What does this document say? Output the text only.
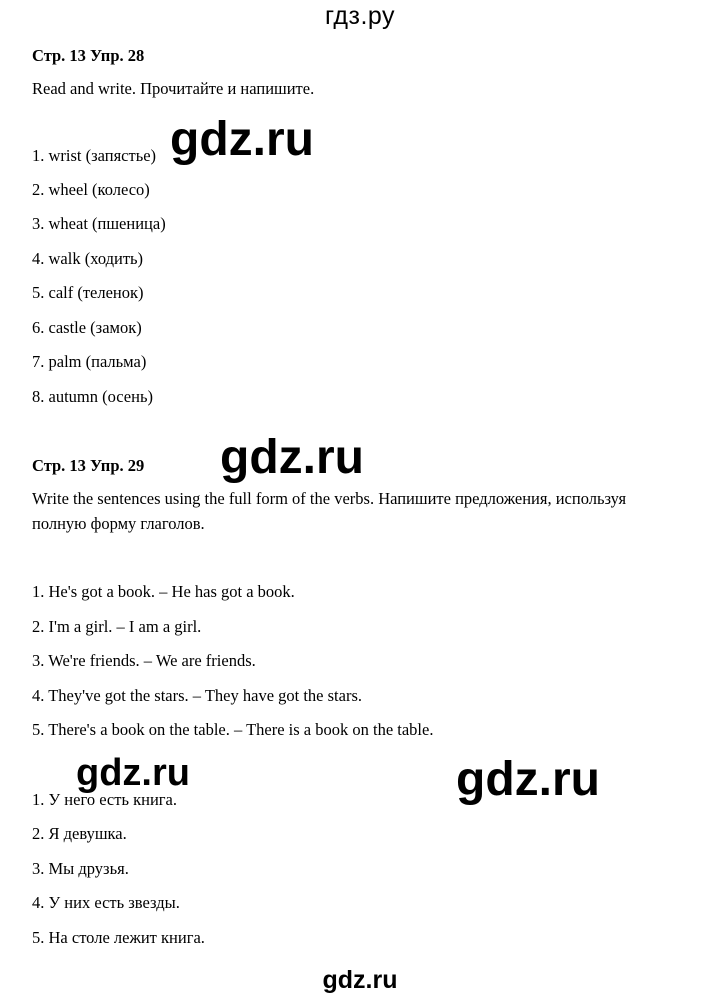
гдз.ру
Стр. 13 Упр. 28
Read and write. Прочитайте и напишите.
1. wrist (запястье)
2. wheel (колесо)
3. wheat (пшеница)
4. walk (ходить)
5. calf (теленок)
6. castle (замок)
7. palm (пальма)
8. autumn (осень)
Стр. 13 Упр. 29
Write the sentences using the full form of the verbs. Напишите предложения, используя полную форму глаголов.
1. He's got a book. – He has got a book.
2. I'm a girl. – I am a girl.
3. We're friends. – We are friends.
4. They've got the stars. – They have got the stars.
5. There's a book on the table. – There is a book on the table.
1. У него есть книга.
2. Я девушка.
3. Мы друзья.
4. У них есть звезды.
5. На столе лежит книга.
gdz.ru
gdz.ru
gdz.ru	gdz.ru
gdz.ru
